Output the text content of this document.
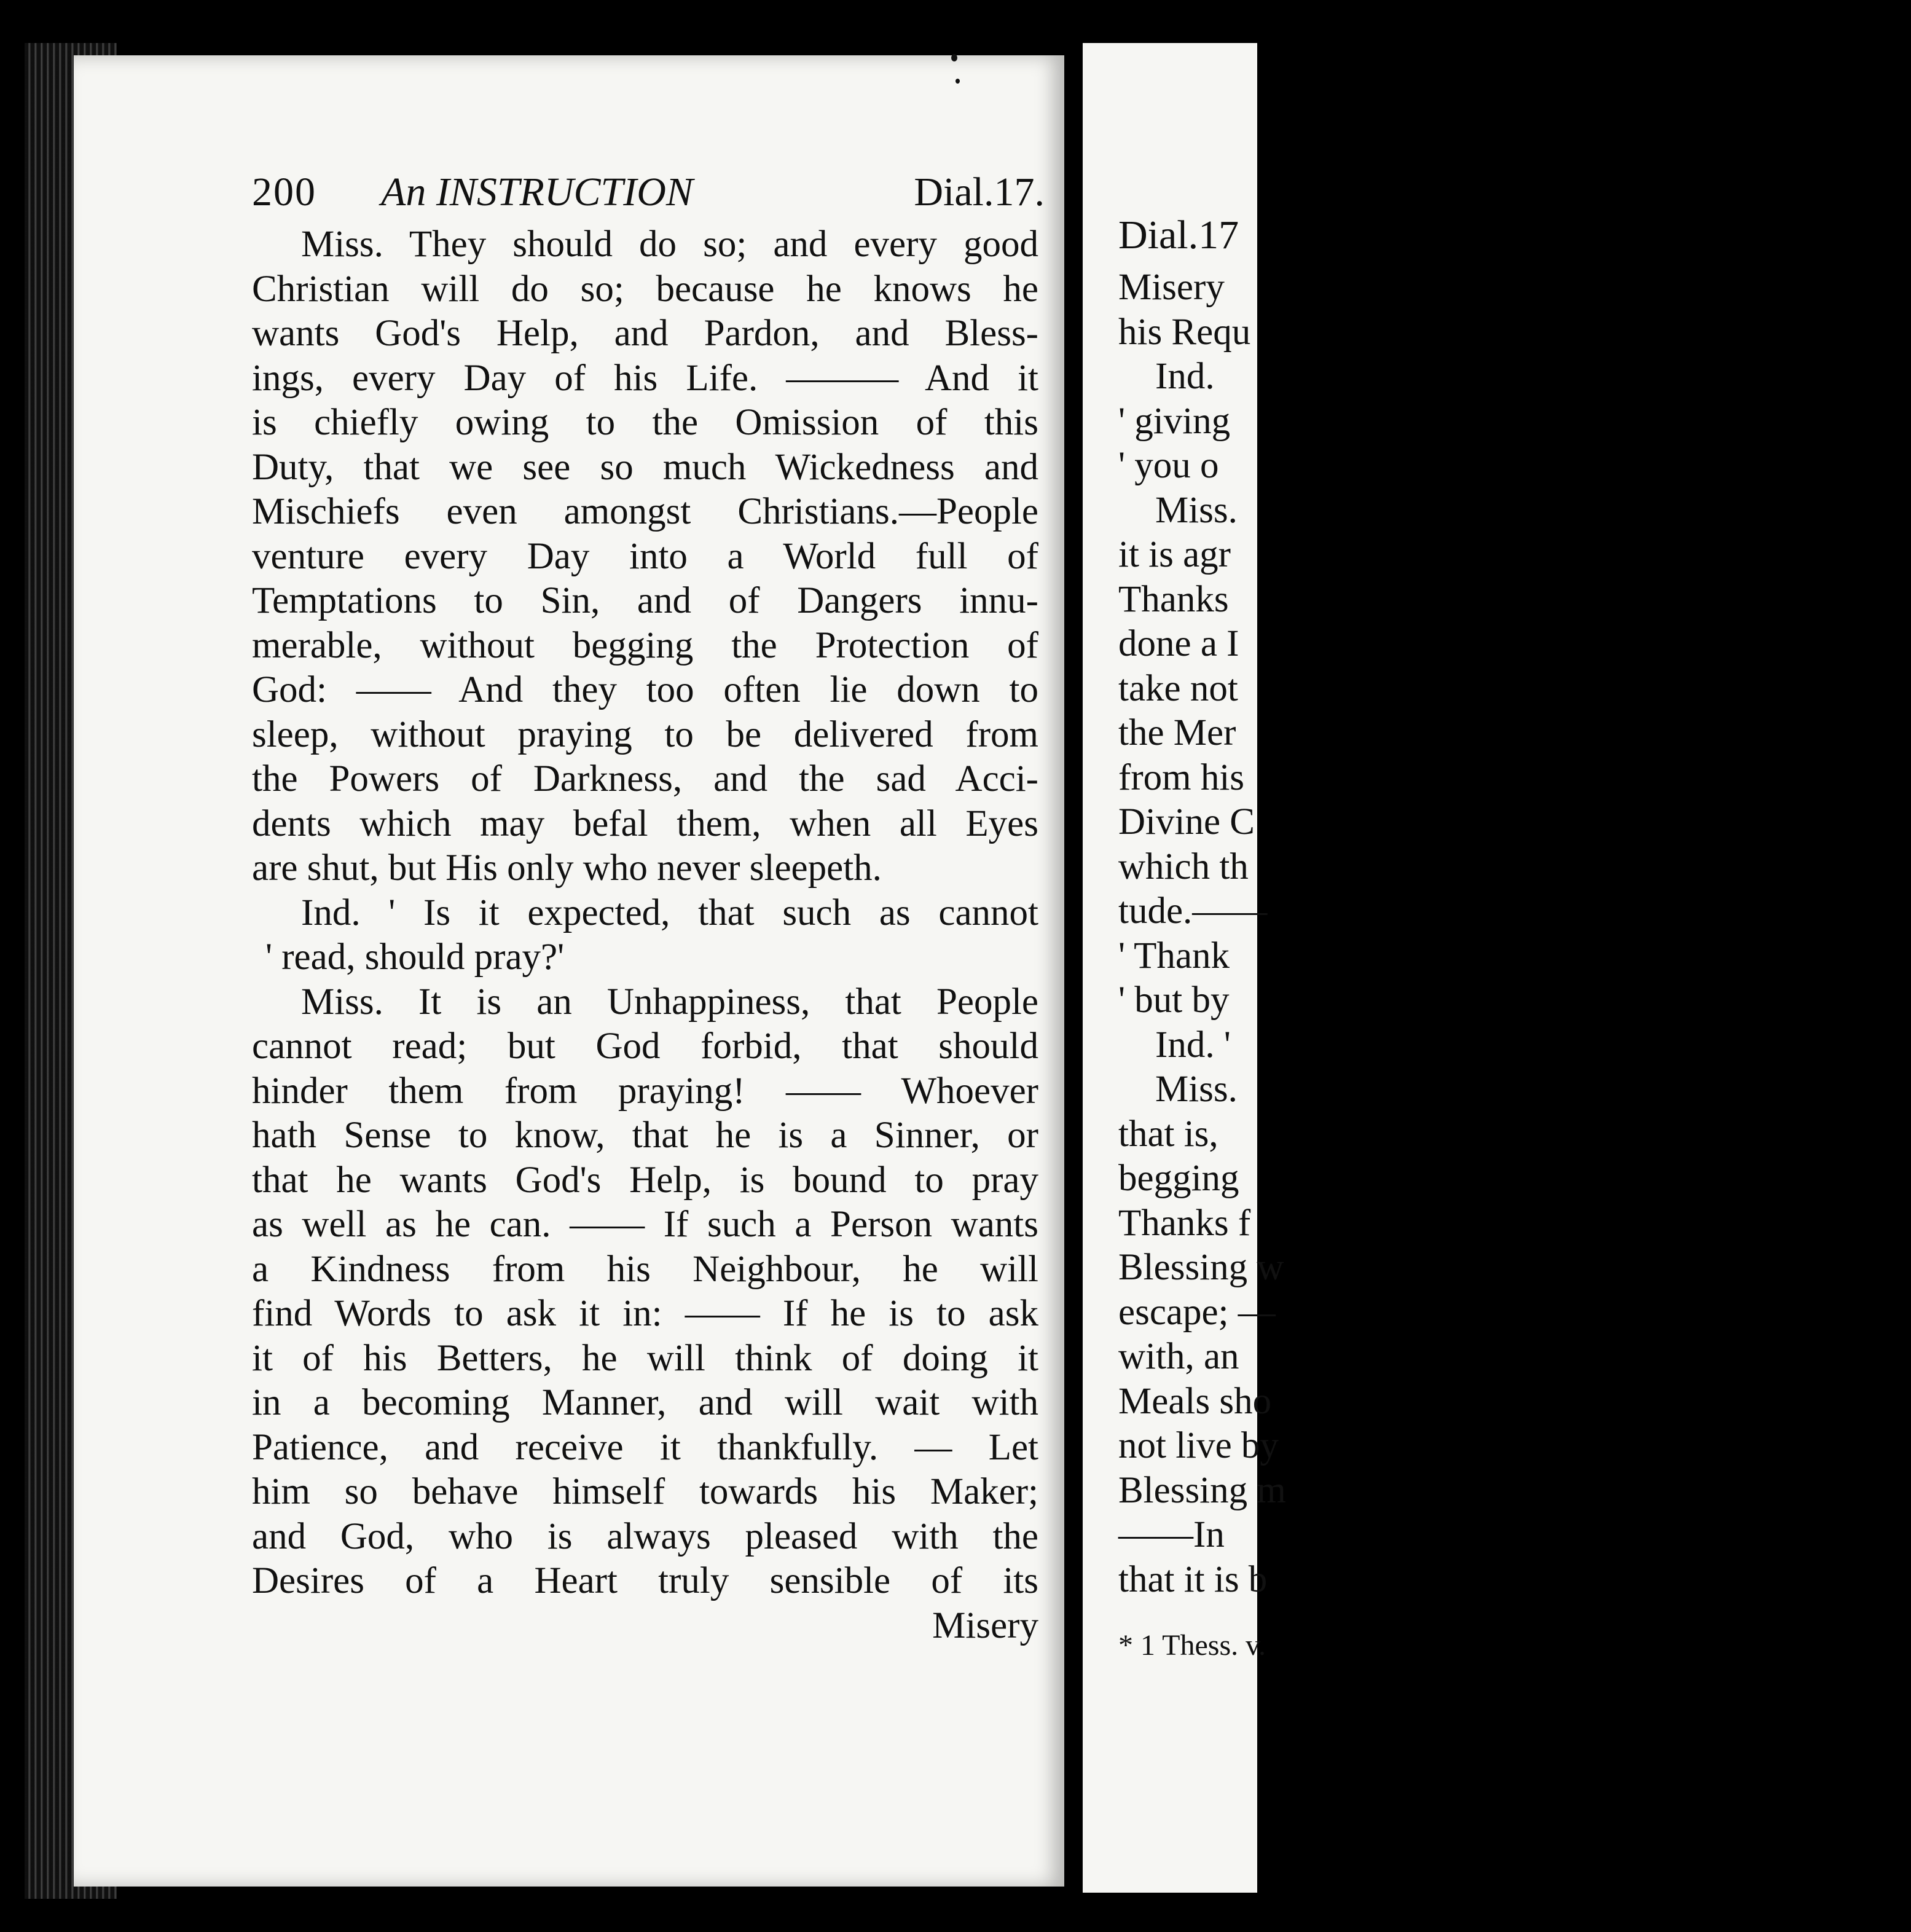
200 An INSTRUCTION	Dial.17.
Miss. They should do so; and every good
Christian will do so; because he knows he
wants God's Help, and Pardon, and Bless-
ings, every Day of his Life. ——— And it
is chiefly owing to the Omission of this
Duty, that we see so much Wickedness and
Mischiefs even amongst Christians.—People
venture every Day into a World full of
Temptations to Sin, and of Dangers innu-
merable, without begging the Protection of
God: —— And they too often lie down to
sleep, without praying to be delivered from
the Powers of Darkness, and the sad Acci-
dents which may befal them, when all Eyes
are shut, but His only who never sleepeth.
Ind. ' Is it expected, that such as cannot
' read, should pray?'
Miss. It is an Unhappiness, that People
cannot read; but God forbid, that should
hinder them from praying! —— Whoever
hath Sense to know, that he is a Sinner, or
that he wants God's Help, is bound to pray
as well as he can. —— If such a Person wants
a Kindness from his Neighbour, he will
find Words to ask it in: —— If he is to ask
it of his Betters, he will think of doing it
in a becoming Manner, and will wait with
Patience, and receive it thankfully. — Let
him so behave himself towards his Maker;
and God, who is always pleased with the
Desires of a Heart truly sensible of its
Misery
Dial.17
Misery
his Requ
Ind.
' giving
' you o
Miss.
it is agr
Thanks
done a I
take not
the Mer
from his
Divine C
which th
tude.——
' Thank
' but by
Ind. '
Miss.
that is,
begging
Thanks f
Blessing w
escape; —
with, an
Meals sho
not live by
Blessing m
——In
that it is b
* 1 Thess. v.
